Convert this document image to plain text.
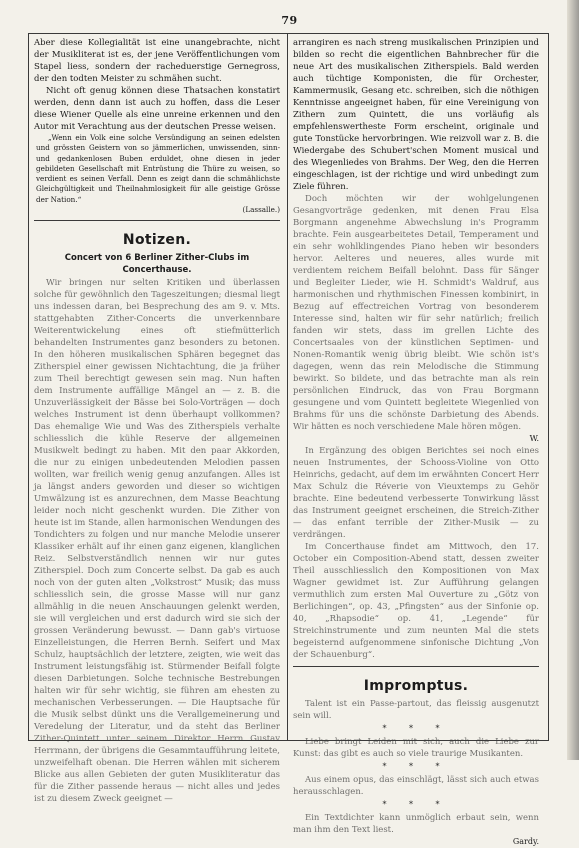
79

Aber diese Kollegialität ist eine unangebrachte, nicht der Musikliterat ist es, der jene Veröffentlichungen vom Stapel liess, sondern der racheduerstige Gernegross, der den todten Meister zu schmähen sucht.

Nicht oft genug können diese Thatsachen konstatirt werden, denn dann ist auch zu hoffen, dass die Leser diese Wiener Quelle als eine unreine erkennen und den Autor mit Verachtung aus der deutschen Presse weisen.

„Wenn ein Volk eine solche Versündigung an seinen edelsten und grössten Geistern von so jämmerlichen, unwissenden, sinn- und gedankenlosen Buben erduldet, ohne diesen in jeder gebildeten Gesellschaft mit Entrüstung die Thüre zu weisen, so verdient es seinen Verfall. Denn es zeigt dann die schmählichste Gleichgültigkeit und Theilnahmlosigkeit für alle geistige Grösse der Nation.“

(Lassalle.)

Notizen.
Concert von 6 Berliner Zither-Clubs im Concerthause.

Wir bringen nur selten Kritiken und überlassen solche für gewöhnlich den Tageszeitungen; diesmal liegt uns indessen daran, bei Besprechung des am 9. v. Mts. stattgehabten Zither-Concerts die unverkennbare Weiterentwickelung eines oft stiefmütterlich behandelten Instrumentes ganz besonders zu betonen. In den höheren musikalischen Sphären begegnet das Zitherspiel einer gewissen Nichtachtung, die ja früher zum Theil berechtigt gewesen sein mag. Nun haften dem Instrumente auffällige Mängel an — z. B. die Unzuverlässigkeit der Bässe bei Solo-Vorträgen — doch welches Instrument ist denn überhaupt vollkommen? Das ehemalige Wie und Was des Zitherspiels verhalte schliesslich die kühle Reserve der allgemeinen Musikwelt bedingt zu haben. Mit den paar Akkorden, die nur zu einigen unbedeutenden Melodien passen wollten, war freilich wenig genug anzufangen. Alles ist ja längst anders geworden und dieser so wichtigen Umwälzung ist es anzurechnen, dem Masse Beachtung leider noch nicht geschenkt wurden. Die Zither von heute ist im Stande, allen harmonischen Wendungen des Tondichters zu folgen und nur manche Melodie unserer Klassiker erhält auf ihr einen ganz eigenen, klanglichen Reiz. Selbstverständlich nennen wir nur gutes Zitherspiel. Doch zum Concerte selbst. Da gab es auch noch von der guten alten „Volkstrost“ Musik; das muss schliesslich sein, die grosse Masse will nur ganz allmählig in die neuen Anschauungen gelenkt werden, sie will vergleichen und erst dadurch wird sie sich der grossen Veränderung bewusst. — Dann gab's virtuose Einzelleistungen, die Herren Bernh. Seifert und Max Schulz, hauptsächlich der letztere, zeigten, wie weit das Instrument leistungsfähig ist. Stürmender Beifall folgte diesen Darbietungen. Solche technische Bestrebungen halten wir für sehr wichtig, sie führen am ehesten zu mechanischen Verbesserungen. — Die Hauptsache für die Musik selbst dünkt uns die Verallgemeinerung und Veredelung der Literatur, und da steht das Berliner Zither-Quintett unter seinem Direktor Herrn Gustav Herrmann, der übrigens die Gesammtaufführung leitete, unzweifelhaft obenan. Die Herren wählen mit sicherem Blicke aus allen Gebieten der guten Musikliteratur das für die Zither passende heraus — nicht alles und jedes ist zu diesem Zweck geeignet —

arrangiren es nach streng musikalischen Prinzipien und bilden so recht die eigentlichen Bahnbrecher für die neue Art des musikalischen Zitherspiels. Bald werden auch tüchtige Komponisten, die für Orchester, Kammermusik, Gesang etc. schreiben, sich die nöthigen Kenntnisse angeeignet haben, für eine Vereinigung von Zithern zum Quintett, die uns vorläufig als empfehlenswertheste Form erscheint, originale und gute Tonstücke hervorbringen. Wie reizvoll war z. B. die Wiedergabe des Schubert'schen Moment musical und des Wiegenliedes von Brahms. Der Weg, den die Herren eingeschlagen, ist der richtige und wird unbedingt zum Ziele führen.

Doch möchten wir der wohlgelungenen Gesangvorträge gedenken, mit denen Frau Elsa Borgmann angenehme Abwechslung in's Programm brachte. Fein ausgearbeitetes Detail, Temperament und ein sehr wohlklingendes Piano heben wir besonders hervor. Aelteres und neueres, alles wurde mit verdientem reichem Beifall belohnt. Dass für Sänger und Begleiter Lieder, wie H. Schmidt's Waldruf, aus harmonischen und rhythmischen Finessen kombinirt, in Bezug auf effectreichen Vortrag von besonderem Interesse sind, halten wir für sehr natürlich; freilich fanden wir stets, dass im grellen Lichte des Concertsaales von der künstlichen Septimen- und Nonen-Romantik wenig übrig bleibt. Wie schön ist's dagegen, wenn das rein Melodische die Stimmung bewirkt. So bildete, und das betrachte man als rein persönlichen Eindruck, das von Frau Borgmann gesungene und vom Quintett begleitete Wiegenlied von Brahms für uns die schönste Darbietung des Abends. Wir hätten es noch verschiedene Male hören mögen.

W.

In Ergänzung des obigen Berichtes sei noch eines neuen Instrumentes, der Schooss-Violine von Otto Heinrichs, gedacht, auf dem im erwähnten Concert Herr Max Schulz die Réverie von Vieuxtemps zu Gehör brachte. Eine bedeutend verbesserte Tonwirkung lässt das Instrument geeignet erscheinen, die Streich-Zither — das enfant terrible der Zither-Musik — zu verdrängen.

Im Concerthause findet am Mittwoch, den 17. October ein Composition-Abend statt, dessen zweiter Theil ausschliesslich den Kompositionen von Max Wagner gewidmet ist. Zur Aufführung gelangen vermuthlich zum ersten Mal Ouverture zu „Götz von Berlichingen“, op. 43, „Pfingsten“ aus der Sinfonie op. 40, „Rhapsodie“ op. 41, „Legende“ für Streichinstrumente und zum neunten Mal die stets begeisternd aufgenommene sinfonische Dichtung „Von der Schauenburg“.

Impromptus.

Talent ist ein Passe-partout, das fleissig ausgenutzt sein will.

* * *

Liebe bringt Leiden mit sich, auch die Liebe zur Kunst: das gibt es auch so viele traurige Musikanten.

* * *

Aus einem opus, das einschlägt, lässt sich auch etwas herausschlagen.

* * *

Ein Textdichter kann unmöglich erbaut sein, wenn man ihm den Text liest.

Gardy.
